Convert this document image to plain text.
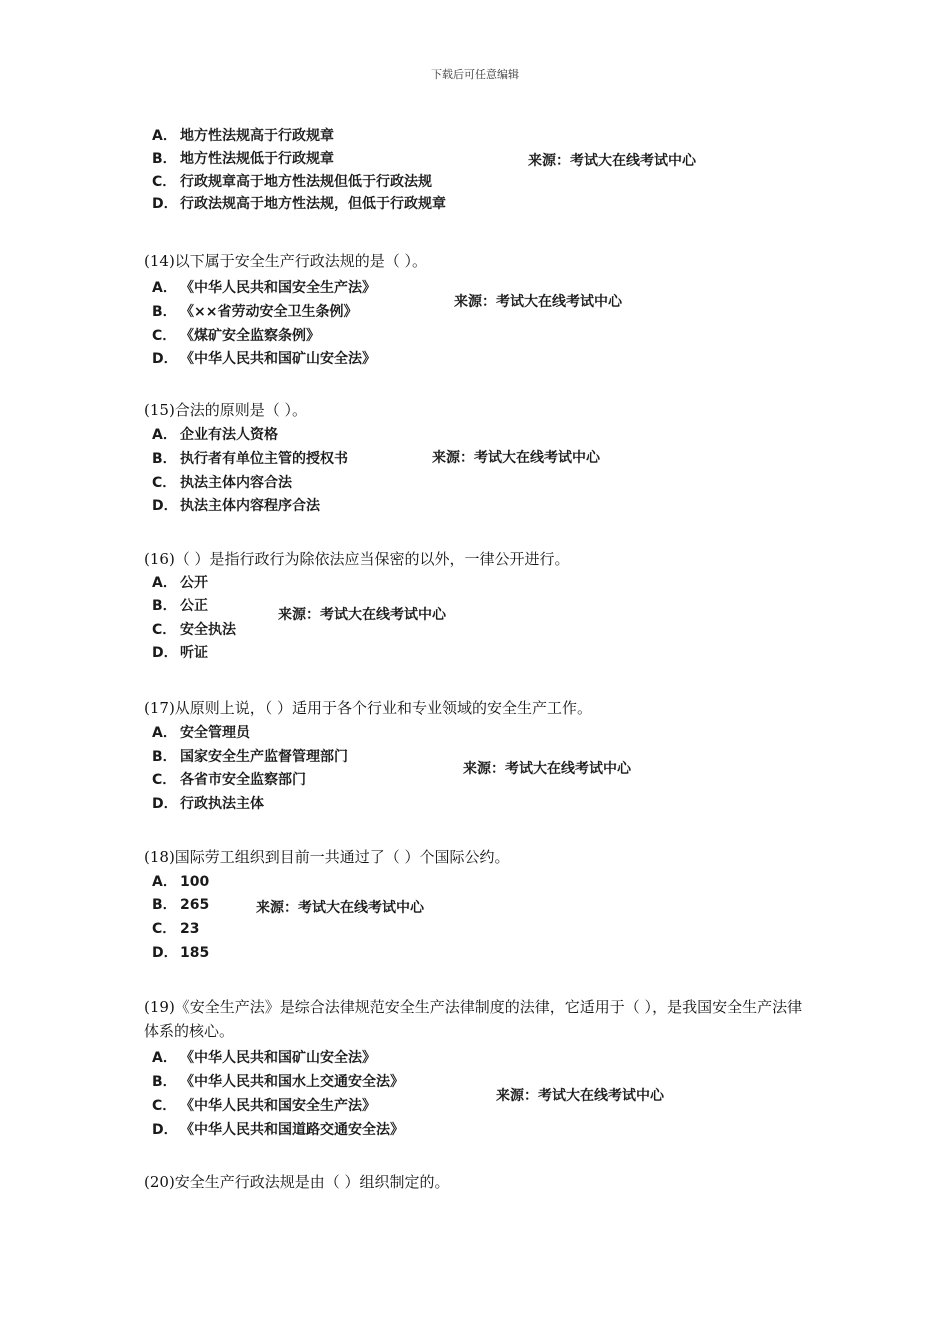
下载后可任意编辑
A． 地方性法规高于行政规章
B． 地方性法规低于行政规章
C． 行政规章高于地方性法规但低于行政法规
D． 行政法规高于地方性法规，但低于行政规章
来源：考试大在线考试中心
(14)以下属于安全生产行政法规的是（ ）。
A． 《中华人民共和国安全生产法》
B． 《××省劳动安全卫生条例》
C． 《煤矿安全监察条例》
D． 《中华人民共和国矿山安全法》
来源：考试大在线考试中心
(15)合法的原则是（ ）。
A． 企业有法人资格
B． 执行者有单位主管的授权书
C． 执法主体内容合法
D． 执法主体内容程序合法
来源：考试大在线考试中心
(16)（ ）是指行政行为除依法应当保密的以外，一律公开进行。
A． 公开
B． 公正
C． 安全执法
D． 听证
来源：考试大在线考试中心
(17)从原则上说，（ ）适用于各个行业和专业领域的安全生产工作。
A． 安全管理员
B． 国家安全生产监督管理部门
C． 各省市安全监察部门
D． 行政执法主体
来源：考试大在线考试中心
(18)国际劳工组织到目前一共通过了（ ）个国际公约。
A． 100
B． 265
C． 23
D． 185
来源：考试大在线考试中心
(19)《安全生产法》是综合法律规范安全生产法律制度的法律，它适用于（ ），是我国安全生产法律体系的核心。
A． 《中华人民共和国矿山安全法》
B． 《中华人民共和国水上交通安全法》
C． 《中华人民共和国安全生产法》
D． 《中华人民共和国道路交通安全法》
来源：考试大在线考试中心
(20)安全生产行政法规是由（ ）组织制定的。
